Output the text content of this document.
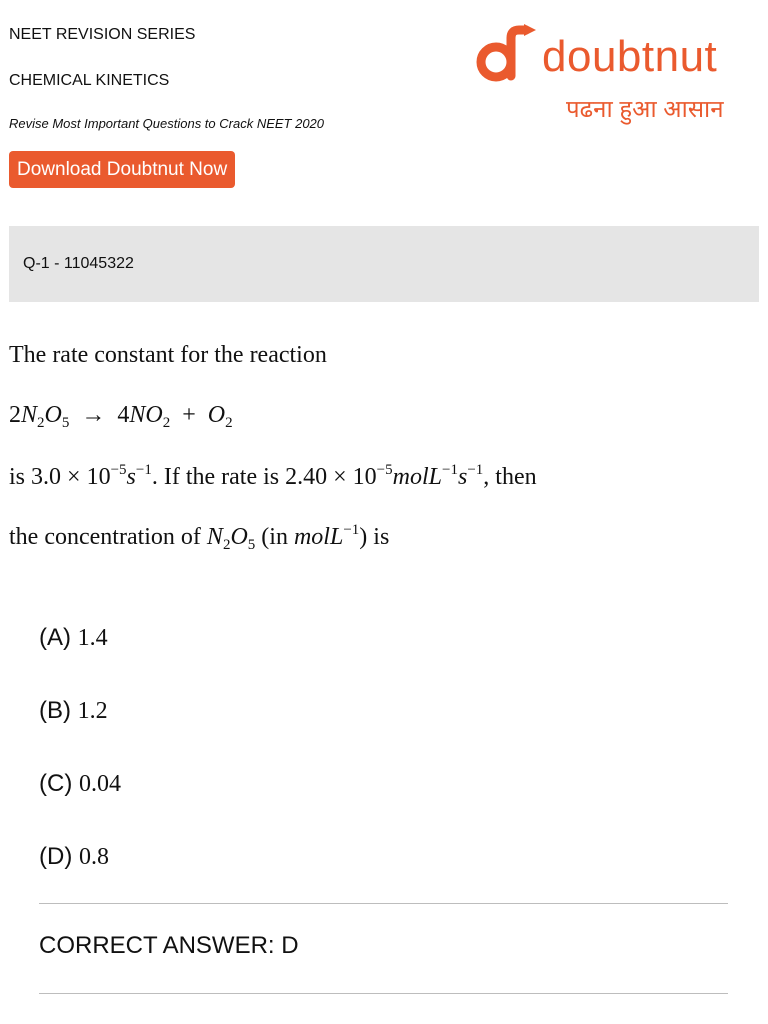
NEET REVISION SERIES
CHEMICAL KINETICS
Revise Most Important Questions to Crack NEET 2020
Download Doubtnut Now
doubtnut
पढना हुआ आसान
Q-1 - 11045322
The rate constant for the reaction
$2N_2O_5 \to 4NO_2 + O_2$
is $3.0 \times 10^{-5}s^{-1}$. If the rate is $2.40 \times 10^{-5}molL^{-1}s^{-1}$, then
the concentration of $N_2O_5$ (in molL$^{-1}$) is
(A) 1.4
(B) 1.2
(C) 0.04
(D) 0.8
CORRECT ANSWER: D
